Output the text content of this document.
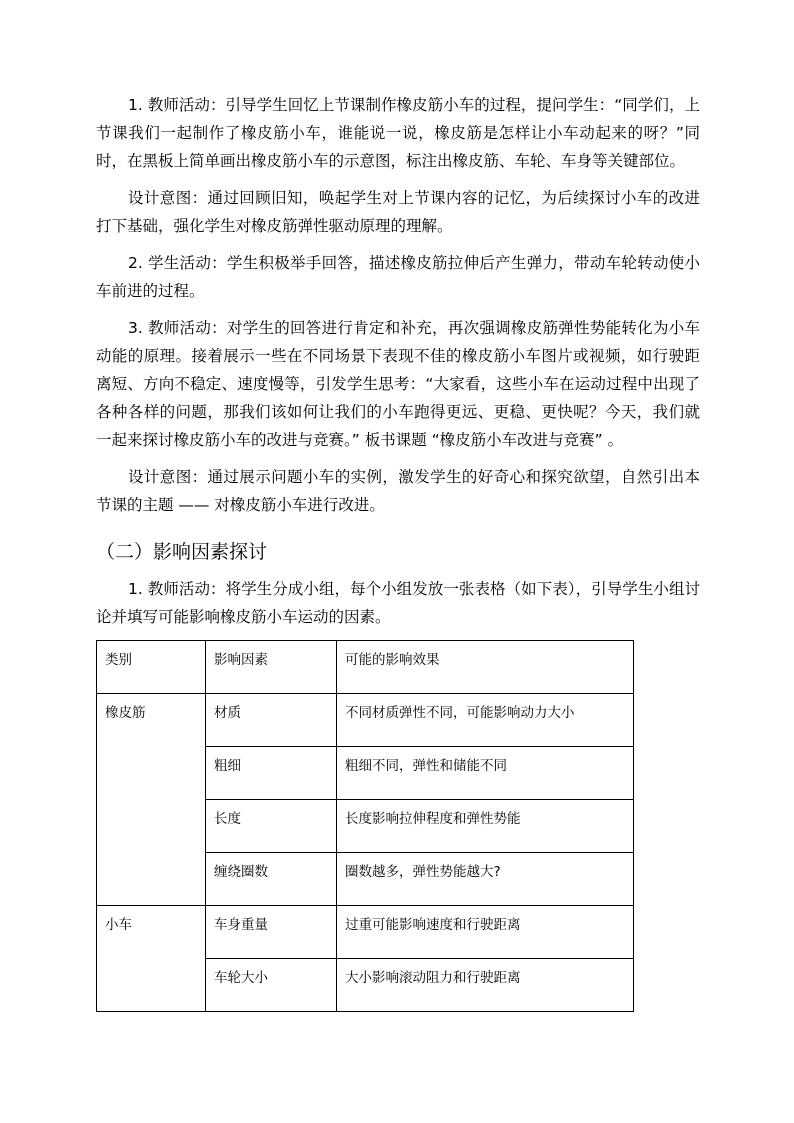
1. 教师活动：引导学生回忆上节课制作橡皮筋小车的过程，提问学生：“同学们，上节课我们一起制作了橡皮筋小车，谁能说一说，橡皮筋是怎样让小车动起来的呀？”同时，在黑板上简单画出橡皮筋小车的示意图，标注出橡皮筋、车轮、车身等关键部位。

设计意图：通过回顾旧知，唤起学生对上节课内容的记忆，为后续探讨小车的改进打下基础，强化学生对橡皮筋弹性驱动原理的理解。

2. 学生活动：学生积极举手回答，描述橡皮筋拉伸后产生弹力，带动车轮转动使小车前进的过程。

3. 教师活动：对学生的回答进行肯定和补充，再次强调橡皮筋弹性势能转化为小车动能的原理。接着展示一些在不同场景下表现不佳的橡皮筋小车图片或视频，如行驶距离短、方向不稳定、速度慢等，引发学生思考：“大家看，这些小车在运动过程中出现了各种各样的问题，那我们该如何让我们的小车跑得更远、更稳、更快呢？今天，我们就一起来探讨橡皮筋小车的改进与竞赛。” 板书课题 “橡皮筋小车改进与竞赛” 。

设计意图：通过展示问题小车的实例，激发学生的好奇心和探究欲望，自然引出本节课的主题 —— 对橡皮筋小车进行改进。

（二）影响因素探讨

1. 教师活动：将学生分成小组，每个小组发放一张表格（如下表），引导学生小组讨论并填写可能影响橡皮筋小车运动的因素。

类别	影响因素	可能的影响效果
橡皮筋	材质	不同材质弹性不同，可能影响动力大小
	粗细	粗细不同，弹性和储能不同
	长度	长度影响拉伸程度和弹性势能
	缠绕圈数	圈数越多，弹性势能越大?
小车	车身重量	过重可能影响速度和行驶距离
	车轮大小	大小影响滚动阻力和行驶距离
